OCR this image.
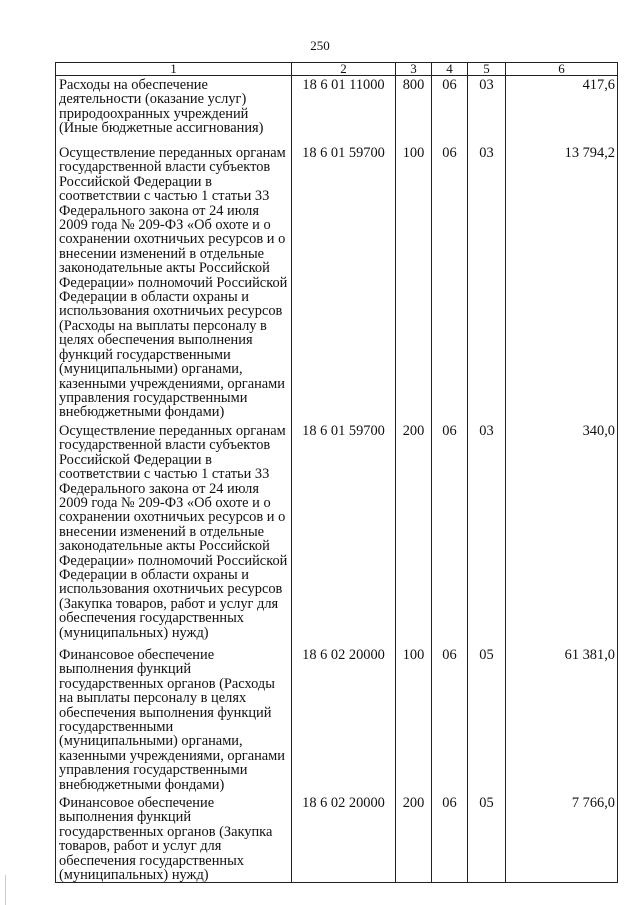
250
1	2	3	4	5	6
Расходы на обеспечение деятельности (оказание услуг) природоохранных учреждений (Иные бюджетные ассигнования)	18 6 01 11000	800	06	03	417,6
Осуществление переданных органам государственной власти субъектов Российской Федерации в соответствии с частью 1 статьи 33 Федерального закона от 24 июля 2009 года № 209-ФЗ «Об охоте и о сохранении охотничьих ресурсов и о внесении изменений в отдельные законодательные акты Российской Федерации» полномочий Российской Федерации в области охраны и использования охотничьих ресурсов (Расходы на выплаты персоналу в целях обеспечения выполнения функций государственными (муниципальными) органами, казенными учреждениями, органами управления государственными внебюджетными фондами)	18 6 01 59700	100	06	03	13 794,2
Осуществление переданных органам государственной власти субъектов Российской Федерации в соответствии с частью 1 статьи 33 Федерального закона от 24 июля 2009 года № 209-ФЗ «Об охоте и о сохранении охотничьих ресурсов и о внесении изменений в отдельные законодательные акты Российской Федерации» полномочий Российской Федерации в области охраны и использования охотничьих ресурсов (Закупка товаров, работ и услуг для обеспечения государственных (муниципальных) нужд)	18 6 01 59700	200	06	03	340,0
Финансовое обеспечение выполнения функций государственных органов (Расходы на выплаты персоналу в целях обеспечения выполнения функций государственными (муниципальными) органами, казенными учреждениями, органами управления государственными внебюджетными фондами)	18 6 02 20000	100	06	05	61 381,0
Финансовое обеспечение выполнения функций государственных органов (Закупка товаров, работ и услуг для обеспечения государственных (муниципальных) нужд)	18 6 02 20000	200	06	05	7 766,0
